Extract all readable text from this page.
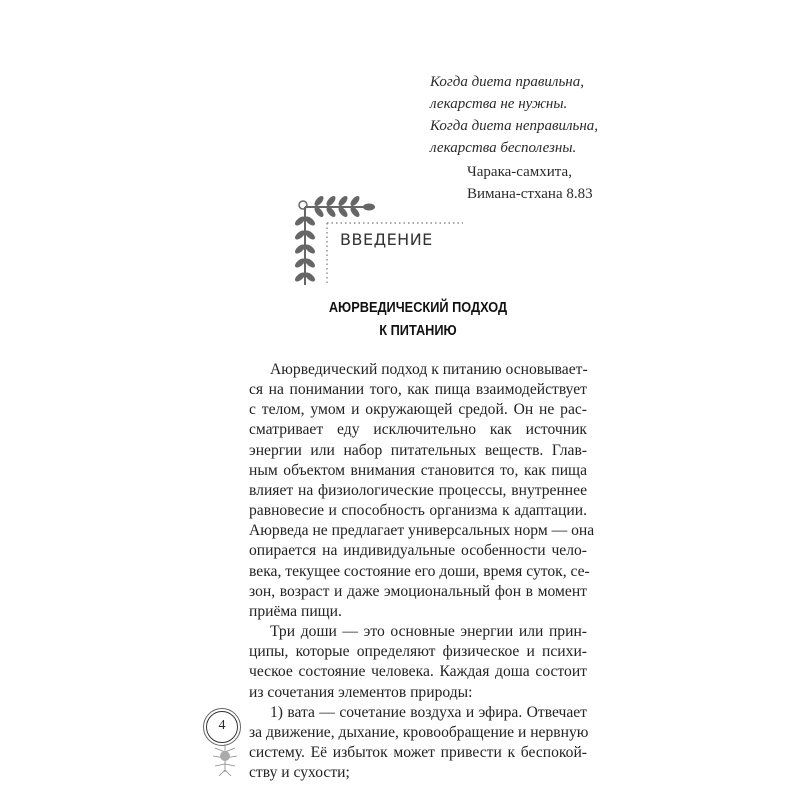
Когда диета правильна,
лекарства не нужны.
Когда диета неправильна,
лекарства бесполезны.
Чарака-самхита,
Вимана-стхана 8.83
ВВЕДЕНИЕ
АЮРВЕДИЧЕСКИЙ ПОДХОД
К ПИТАНИЮ
Аюрведический подход к питанию основывает-
ся на понимании того, как пища взаимодействует
с телом, умом и окружающей средой. Он не рас-
сматривает еду исключительно как источник
энергии или набор питательных веществ. Глав-
ным объектом внимания становится то, как пища
влияет на физиологические процессы, внутреннее
равновесие и способность организма к адаптации.
Аюрведа не предлагает универсальных норм — она
опирается на индивидуальные особенности чело-
века, текущее состояние его доши, время суток, се-
зон, возраст и даже эмоциональный фон в момент
приёма пищи.
Три доши — это основные энергии или прин-
ципы, которые определяют физическое и психи-
ческое состояние человека. Каждая доша состоит
из сочетания элементов природы:
1) вата — сочетание воздуха и эфира. Отвечает
за движение, дыхание, кровообращение и нервную
систему. Её избыток может привести к беспокой-
ству и сухости;
4
